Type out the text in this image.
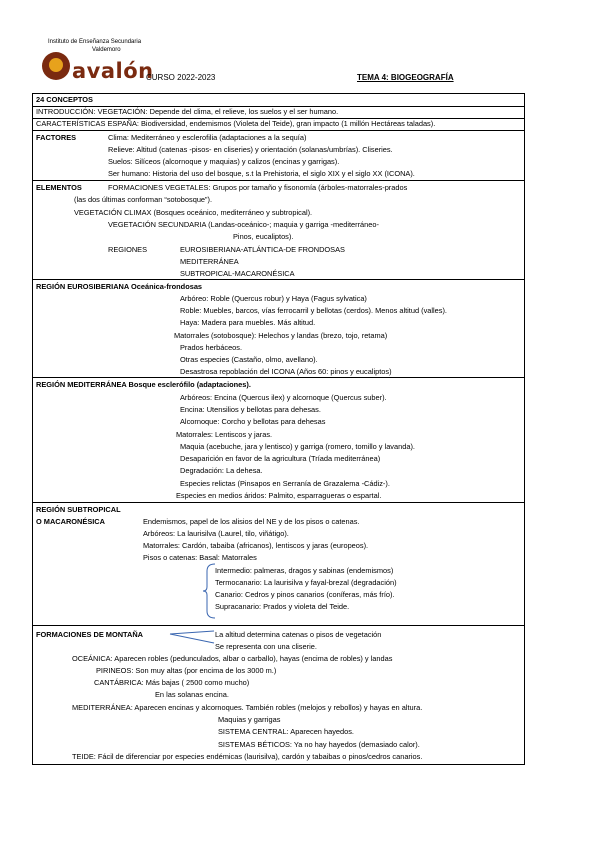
Instituto de Enseñanza Secundaria
Valdemoro
avalón
CURSO 2022-2023	TEMA 4: BIOGEOGRAFÍA
24 CONCEPTOS
INTRODUCCIÓN: VEGETACIÓN: Depende del clima, el relieve, los suelos y el ser humano.
CARACTERÍSTICAS ESPAÑA: Biodiversidad, endemismos (Violeta del Teide), gran impacto (1 millón Hectáreas taladas).
FACTORES	Clima: Mediterráneo y esclerofilia (adaptaciones a la sequía)
Relieve: Altitud (catenas -pisos- en cliseries) y orientación (solanas/umbrías). Cliseries.
Suelos: Silíceos (alcornoque y maquias) y calizos (encinas y garrigas).
Ser humano: Historia del uso del bosque, s.t la Prehistoria, el siglo XIX y el siglo XX (ICONA).
ELEMENTOS	FORMACIONES VEGETALES: Grupos por tamaño y fisonomía (árboles-matorrales-prados
(las dos últimas conforman “sotobosque”).
VEGETACIÓN CLIMAX (Bosques oceánico, mediterráneo y subtropical).
VEGETACIÓN SECUNDARIA (Landas-oceánico-; maquia y garriga -mediterráneo-
Pinos, eucaliptos).
REGIONES	EUROSIBERIANA-ATLÁNTICA-DE FRONDOSAS
MEDITERRÁNEA
SUBTROPICAL-MACARONÉSICA
REGIÓN EUROSIBERIANA Oceánica-frondosas
Arbóreo: Roble (Quercus robur) y Haya (Fagus sylvatica)
Roble: Muebles, barcos, vías ferrocarril y bellotas (cerdos). Menos altitud (valles).
Haya: Madera para muebles. Más altitud.
Matorrales (sotobosque): Helechos y landas (brezo, tojo, retama)
Prados herbáceos.
Otras especies (Castaño, olmo, avellano).
Desastrosa repoblación del ICONA (Años 60: pinos y eucaliptos)
REGIÓN MEDITERRÁNEA Bosque esclerófilo (adaptaciones).
Arbóreos: Encina (Quercus ilex) y alcornoque (Quercus suber).
Encina: Utensilios y bellotas para dehesas.
Alcornoque: Corcho y bellotas para dehesas
Matorrales: Lentiscos y jaras.
Maquia (acebuche, jara y lentisco) y garriga (romero, tomillo y lavanda).
Desaparición en favor de la agricultura (Tríada mediterránea)
Degradación: La dehesa.
Especies relictas (Pinsapos en Serranía de Grazalema -Cádiz-).
Especies en medios áridos: Palmito, esparragueras o espartal.
REGIÓN SUBTROPICAL
O MACARONÉSICA	Endemismos, papel de los alisios del NE y de los pisos o catenas.
Arbóreos: La laurisilva (Laurel, tilo, viñátigo).
Matorrales: Cardón, tabaiba (africanos), lentiscos y jaras (europeos).
Pisos o catenas: Basal: Matorrales
Intermedio: palmeras, dragos y sabinas (endemismos)
Termocanario: La laurisilva y fayal-brezal (degradación)
Canario: Cedros y pinos canarios (coníferas, más frío).
Supracanario: Prados y violeta del Teide.
FORMACIONES DE MONTAÑA	La altitud determina catenas o pisos de vegetación
Se representa con una cliserie.
OCEÁNICA: Aparecen robles (pedunculados, albar o carballo), hayas (encima de robles) y landas
PIRINEOS: Son muy altas (por encima de los 3000 m.)
CANTÁBRICA: Más bajas ( 2500 como mucho)
En las solanas encina.
MEDITERRÁNEA: Aparecen encinas y alcornoques. También robles (melojos y rebollos) y hayas en altura.
Maquias y garrigas
SISTEMA CENTRAL: Aparecen hayedos.
SISTEMAS BÉTICOS: Ya no hay hayedos (demasiado calor).
TEIDE: Fácil de diferenciar por especies endémicas (laurisilva), cardón y tabaibas o pinos/cedros canarios.
